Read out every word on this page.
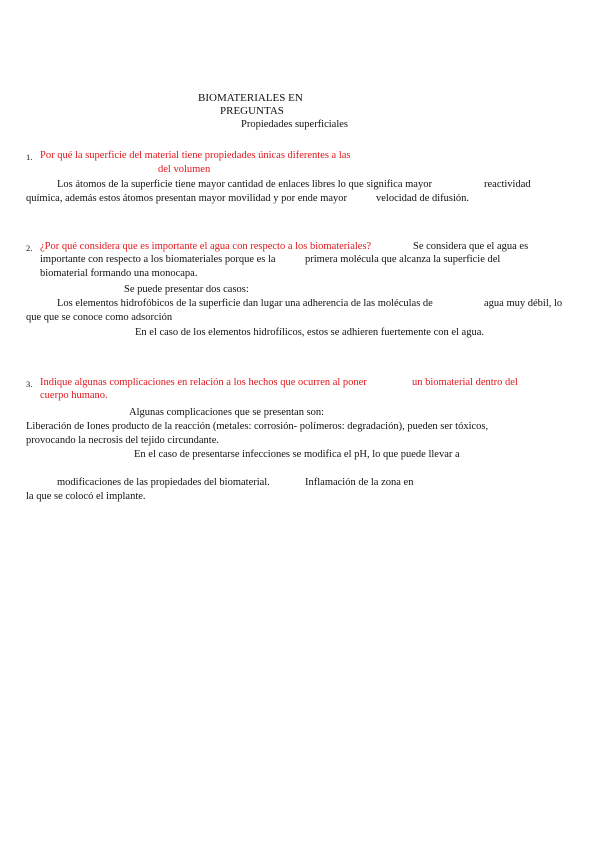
BIOMATERIALES EN
PREGUNTAS
Propiedades superficiales
1. Por qué la superficie del material tiene propiedades únicas diferentes a las
del volumen
Los átomos de la superficie tiene mayor cantidad de enlaces libres lo que significa mayor	reactividad
química, además estos átomos presentan mayor movilidad y por ende mayor	velocidad de difusión.
2. ¿Por qué considera que es importante el agua con respecto a los biomateriales?	Se considera que el agua es
importante con respecto a los biomateriales porque es la	primera molécula que alcanza la superficie del
biomaterial formando una monocapa.
Se puede presentar dos casos:
Los elementos hidrofóbicos de la superficie dan lugar una adherencia de las moléculas de	agua muy débil, lo
que que se conoce como adsorción
En el caso de los elementos hidrofílicos, estos se adhieren fuertemente con el agua.
3. Indique algunas complicaciones en relación a los hechos que ocurren al poner	un biomaterial dentro del
cuerpo humano.
Algunas complicaciones que se presentan son:
Liberación de Iones producto de la reacción (metales: corrosión- polímeros: degradación), pueden ser tóxicos,
provocando la necrosis del tejido circundante.
En el caso de presentarse infecciones se modifica el pH, lo que puede llevar a
modificaciones de las propiedades del biomaterial.	Inflamación de la zona en
la que se colocó el implante.
